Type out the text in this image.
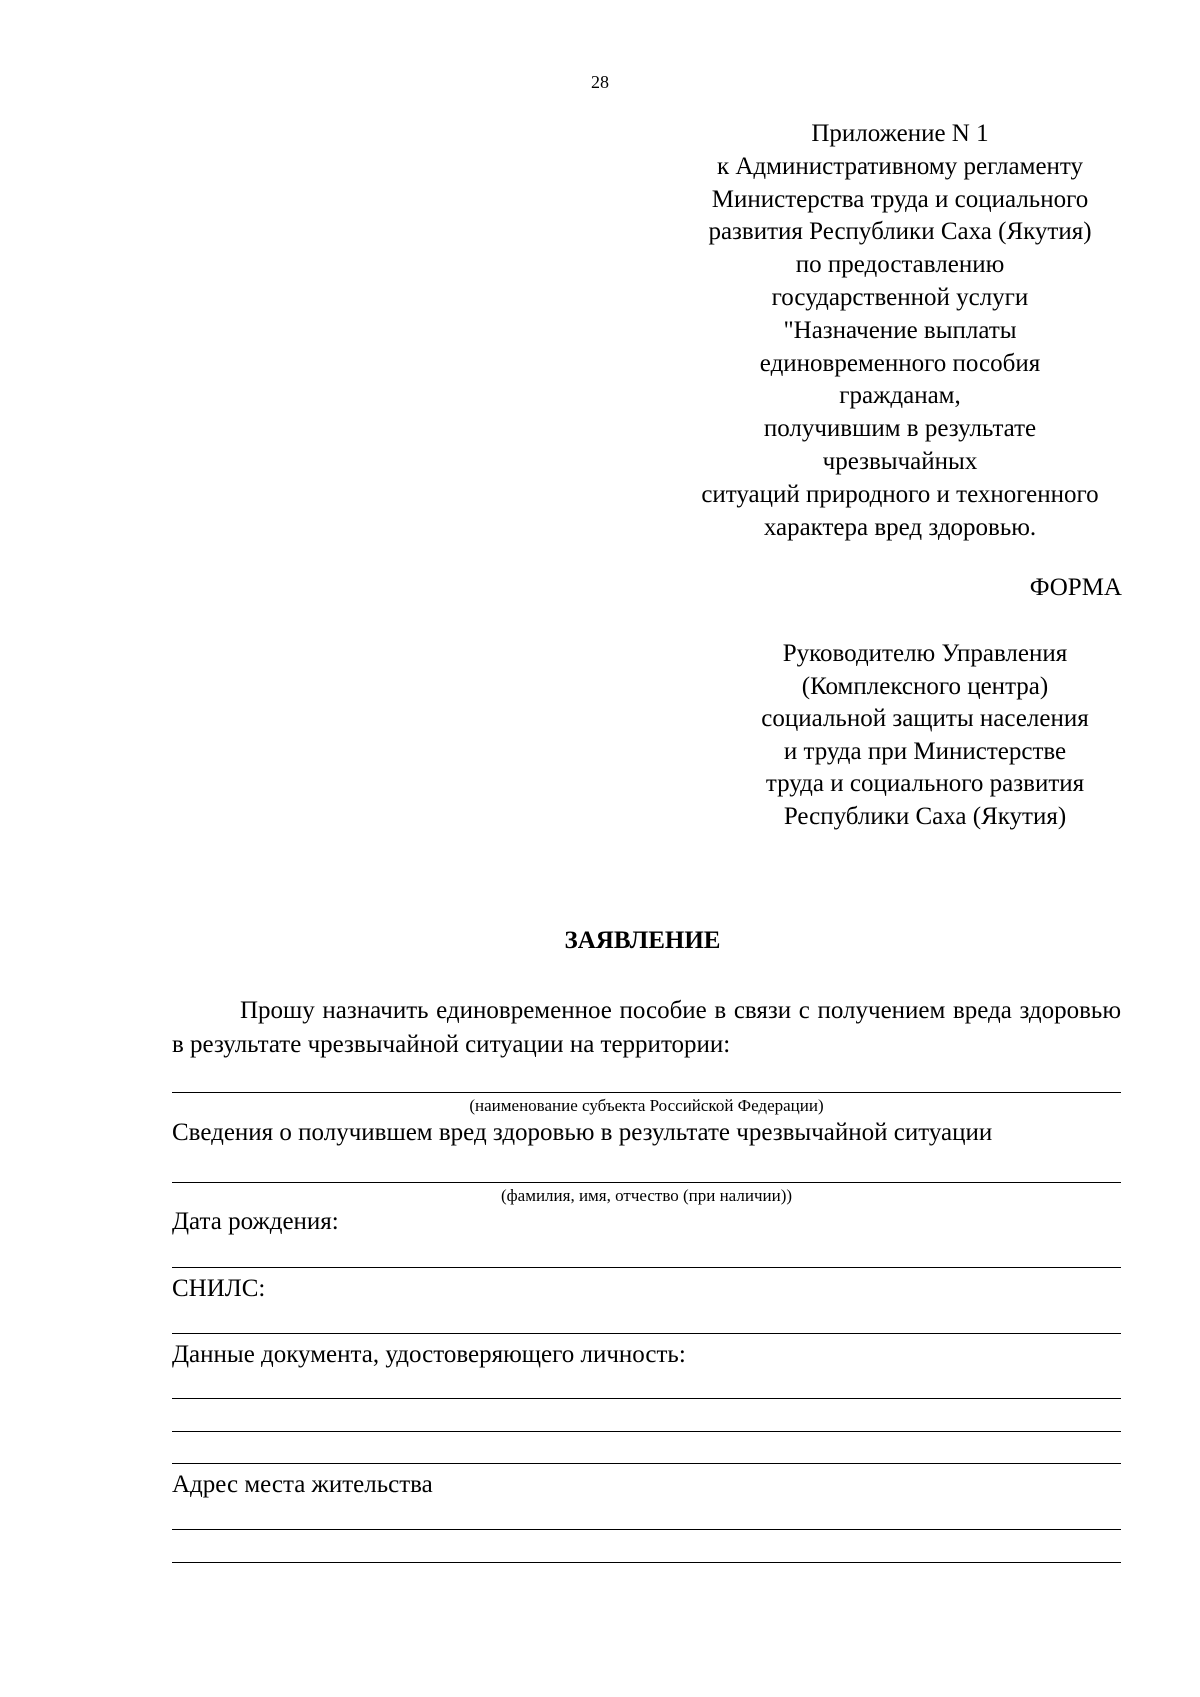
28
Приложение N 1
к Административному регламенту
Министерства труда и социального
развития Республики Саха (Якутия)
по предоставлению
государственной услуги
"Назначение выплаты
единовременного пособия
гражданам,
получившим в результате
чрезвычайных
ситуаций природного и техногенного
характера вред здоровью.
ФОРМА
Руководителю Управления
(Комплексного центра)
социальной защиты населения
и труда при Министерстве
труда и социального развития
Республики Саха (Якутия)
ЗАЯВЛЕНИЕ
Прошу назначить единовременное пособие в связи с получением вреда здоровью в результате чрезвычайной ситуации на территории:
(наименование субъекта Российской Федерации)
Сведения о получившем вред здоровью в результате чрезвычайной ситуации
(фамилия, имя, отчество (при наличии))
Дата рождения:
СНИЛС:
Данные документа, удостоверяющего личность:
Адрес места жительства
